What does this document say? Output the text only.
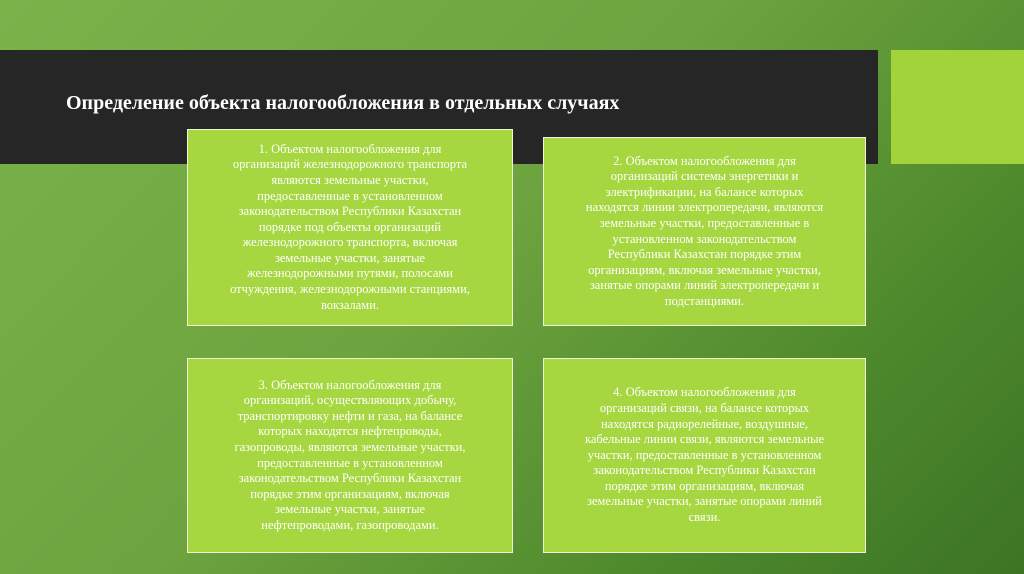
Определение объекта налогообложения в отдельных случаях

1. Объектом налогообложения для
организаций железнодорожного транспорта
являются земельные участки,
предоставленные в установленном
законодательством Республики Казахстан
порядке под объекты организаций
железнодорожного транспорта, включая
земельные участки, занятые
железнодорожными путями, полосами
отчуждения, железнодорожными станциями,
вокзалами.

2. Объектом налогообложения для
организаций системы энергетики и
электрификации, на балансе которых
находятся линии электропередачи, являются
земельные участки, предоставленные в
установленном законодательством
Республики Казахстан порядке этим
организациям, включая земельные участки,
занятые опорами линий электропередачи и
подстанциями.

3. Объектом налогообложения для
организаций, осуществляющих добычу,
транспортировку нефти и газа, на балансе
которых находятся нефтепроводы,
газопроводы, являются земельные участки,
предоставленные в установленном
законодательством Республики Казахстан
порядке этим организациям, включая
земельные участки, занятые
нефтепроводами, газопроводами.

4. Объектом налогообложения для
организаций связи, на балансе которых
находятся радиорелейные, воздушные,
кабельные линии связи, являются земельные
участки, предоставленные в установленном
законодательством Республики Казахстан
порядке этим организациям, включая
земельные участки, занятые опорами линий
связи.
